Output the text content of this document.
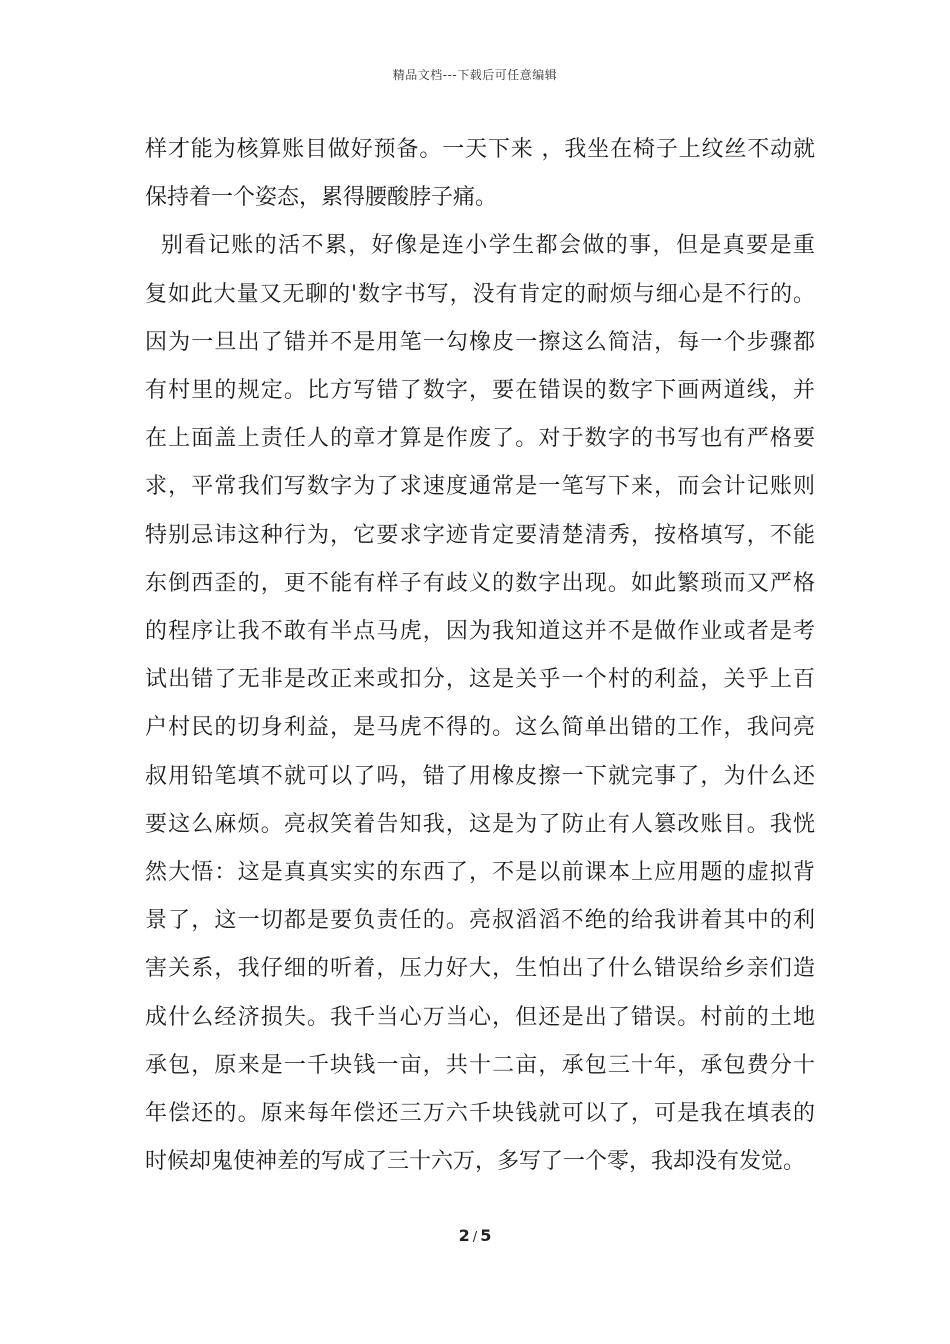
精品文档---下载后可任意编辑
样才能为核算账目做好预备。一天下来 ，我坐在椅子上纹丝不动就
保持着一个姿态，累得腰酸脖子痛。
别看记账的活不累，好像是连小学生都会做的事，但是真要是重
复如此大量又无聊的'数字书写，没有肯定的耐烦与细心是不行的。
因为一旦出了错并不是用笔一勾橡皮一擦这么简洁，每一个步骤都
有村里的规定。比方写错了数字，要在错误的数字下画两道线，并
在上面盖上责任人的章才算是作废了。对于数字的书写也有严格要
求，平常我们写数字为了求速度通常是一笔写下来，而会计记账则
特别忌讳这种行为，它要求字迹肯定要清楚清秀，按格填写，不能
东倒西歪的，更不能有样子有歧义的数字出现。如此繁琐而又严格
的程序让我不敢有半点马虎，因为我知道这并不是做作业或者是考
试出错了无非是改正来或扣分，这是关乎一个村的利益，关乎上百
户村民的切身利益，是马虎不得的。这么简单出错的工作，我问亮
叔用铅笔填不就可以了吗，错了用橡皮擦一下就完事了，为什么还
要这么麻烦。亮叔笑着告知我，这是为了防止有人篡改账目。我恍
然大悟：这是真真实实的东西了，不是以前课本上应用题的虚拟背
景了，这一切都是要负责任的。亮叔滔滔不绝的给我讲着其中的利
害关系，我仔细的听着，压力好大，生怕出了什么错误给乡亲们造
成什么经济损失。我千当心万当心，但还是出了错误。村前的土地
承包，原来是一千块钱一亩，共十二亩，承包三十年，承包费分十
年偿还的。原来每年偿还三万六千块钱就可以了，可是我在填表的
时候却鬼使神差的写成了三十六万，多写了一个零，我却没有发觉。
2 / 5
